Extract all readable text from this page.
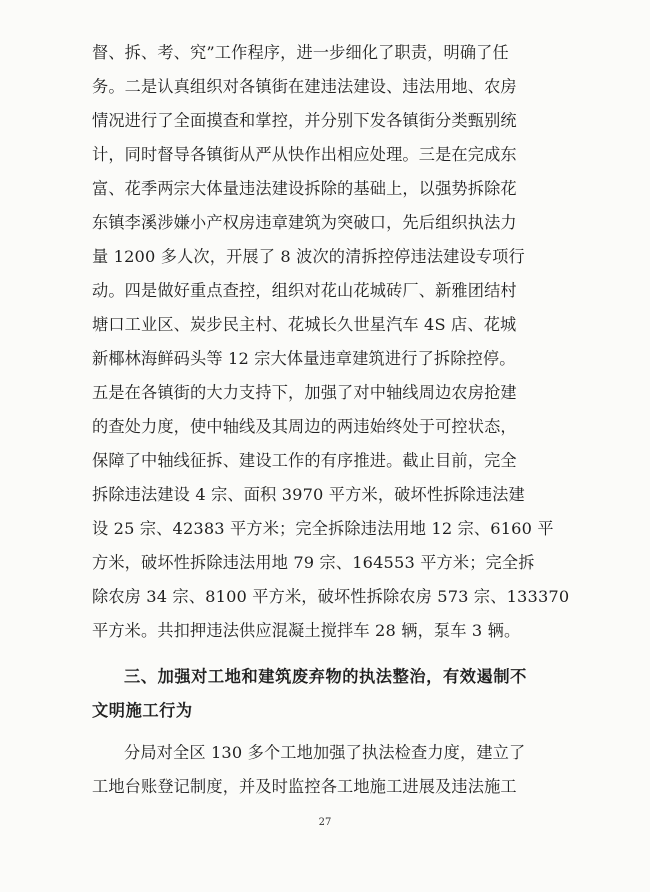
督、拆、考、究”工作程序，进一步细化了职责，明确了任
务。二是认真组织对各镇街在建违法建设、违法用地、农房
情况进行了全面摸查和掌控，并分别下发各镇街分类甄别统
计，同时督导各镇街从严从快作出相应处理。三是在完成东
富、花季两宗大体量违法建设拆除的基础上，以强势拆除花
东镇李溪涉嫌小产权房违章建筑为突破口，先后组织执法力
量 1200 多人次，开展了 8 波次的清拆控停违法建设专项行
动。四是做好重点查控，组织对花山花城砖厂、新雅团结村
塘口工业区、炭步民主村、花城长久世星汽车 4S 店、花城
新椰林海鲜码头等 12 宗大体量违章建筑进行了拆除控停。
五是在各镇街的大力支持下，加强了对中轴线周边农房抢建
的查处力度，使中轴线及其周边的两违始终处于可控状态，
保障了中轴线征拆、建设工作的有序推进。截止目前，完全
拆除违法建设 4 宗、面积 3970 平方米，破坏性拆除违法建
设 25 宗、42383 平方米；完全拆除违法用地 12 宗、6160 平
方米，破坏性拆除违法用地 79 宗、164553 平方米；完全拆
除农房 34 宗、8100 平方米，破坏性拆除农房 573 宗、133370
平方米。共扣押违法供应混凝土搅拌车 28 辆，泵车 3 辆。
三、加强对工地和建筑废弃物的执法整治，有效遏制不
文明施工行为
分局对全区 130 多个工地加强了执法检查力度，建立了
工地台账登记制度，并及时监控各工地施工进展及违法施工
27
